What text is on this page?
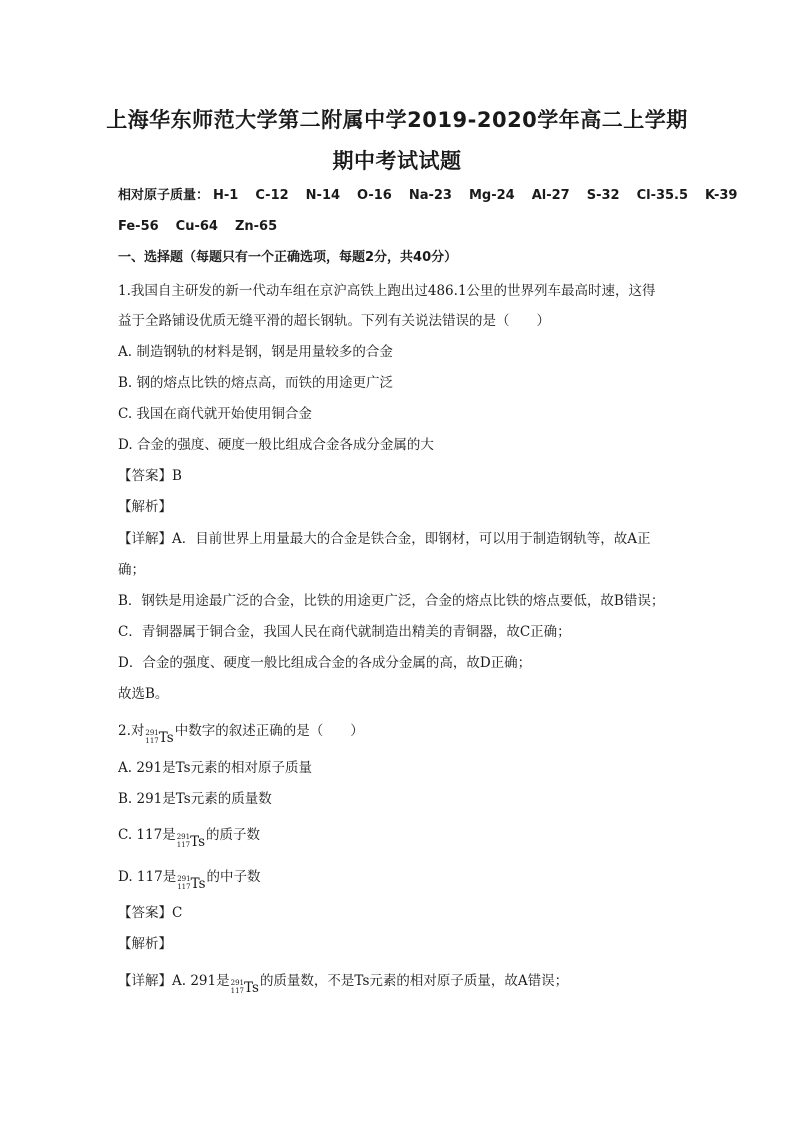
上海华东师范大学第二附属中学2019-2020学年高二上学期
期中考试试题
相对原子质量： H-1 C-12 N-14 O-16 Na-23 Mg-24 Al-27 S-32 Cl-35.5 K-39
Fe-56 Cu-64 Zn-65
一、选择题（每题只有一个正确选项，每题2分，共40分）
1.我国自主研发的新一代动车组在京沪高铁上跑出过486.1公里的世界列车最高时速，这得
益于全路铺设优质无缝平滑的超长钢轨。下列有关说法错误的是（　　）
A. 制造钢轨的材料是钢，钢是用量较多的合金
B. 钢的熔点比铁的熔点高，而铁的用途更广泛
C. 我国在商代就开始使用铜合金
D. 合金的强度、硬度一般比组成合金各成分金属的大
【答案】B
【解析】
【详解】A．目前世界上用量最大的合金是铁合金，即钢材，可以用于制造钢轨等，故A正
确；
B．钢铁是用途最广泛的合金，比铁的用途更广泛，合金的熔点比铁的熔点要低，故B错误；
C．青铜器属于铜合金，我国人民在商代就制造出精美的青铜器，故C正确；
D．合金的强度、硬度一般比组成合金的各成分金属的高，故D正确；
故选B。
2.对291
117Ts中数字的叙述正确的是（　　）
A. 291是Ts元素的相对原子质量
B. 291是Ts元素的质量数
C. 117是291
117Ts的质子数
D. 117是291
117Ts的中子数
【答案】C
【解析】
【详解】A. 291是291
117Ts的质量数，不是Ts元素的相对原子质量，故A错误；
